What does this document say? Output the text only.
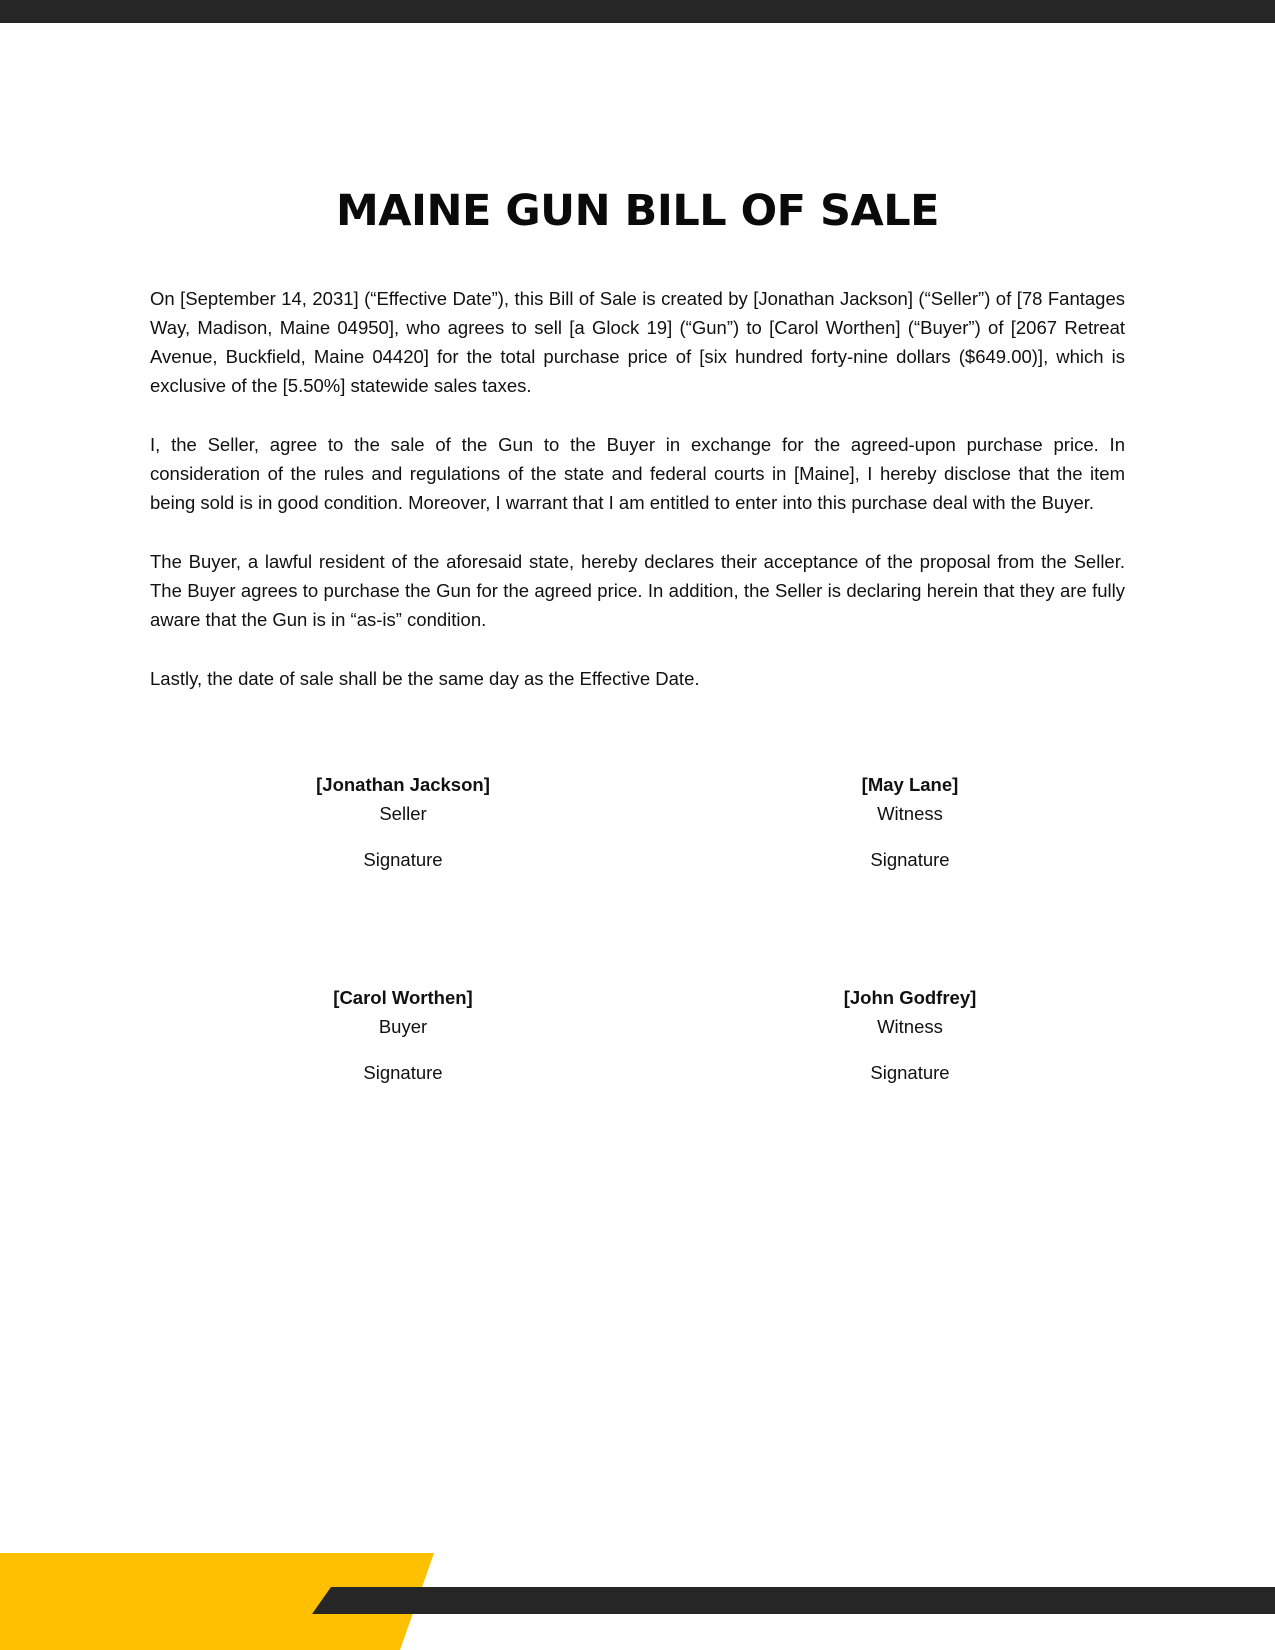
MAINE GUN BILL OF SALE

On [September 14, 2031] (“Effective Date”), this Bill of Sale is created by [Jonathan Jackson] (“Seller”) of [78 Fantages Way, Madison, Maine 04950], who agrees to sell [a Glock 19] (“Gun”) to [Carol Worthen] (“Buyer”) of [2067 Retreat Avenue, Buckfield, Maine 04420] for the total purchase price of [six hundred forty-nine dollars ($649.00)], which is exclusive of the [5.50%] statewide sales taxes.

I, the Seller, agree to the sale of the Gun to the Buyer in exchange for the agreed-upon purchase price. In consideration of the rules and regulations of the state and federal courts in [Maine], I hereby disclose that the item being sold is in good condition. Moreover, I warrant that I am entitled to enter into this purchase deal with the Buyer.

The Buyer, a lawful resident of the aforesaid state, hereby declares their acceptance of the proposal from the Seller. The Buyer agrees to purchase the Gun for the agreed price. In addition, the Seller is declaring herein that they are fully aware that the Gun is in “as-is” condition.

Lastly, the date of sale shall be the same day as the Effective Date.

[Jonathan Jackson]
Seller
Signature
[May Lane]
Witness
Signature
[Carol Worthen]
Buyer
Signature
[John Godfrey]
Witness
Signature
